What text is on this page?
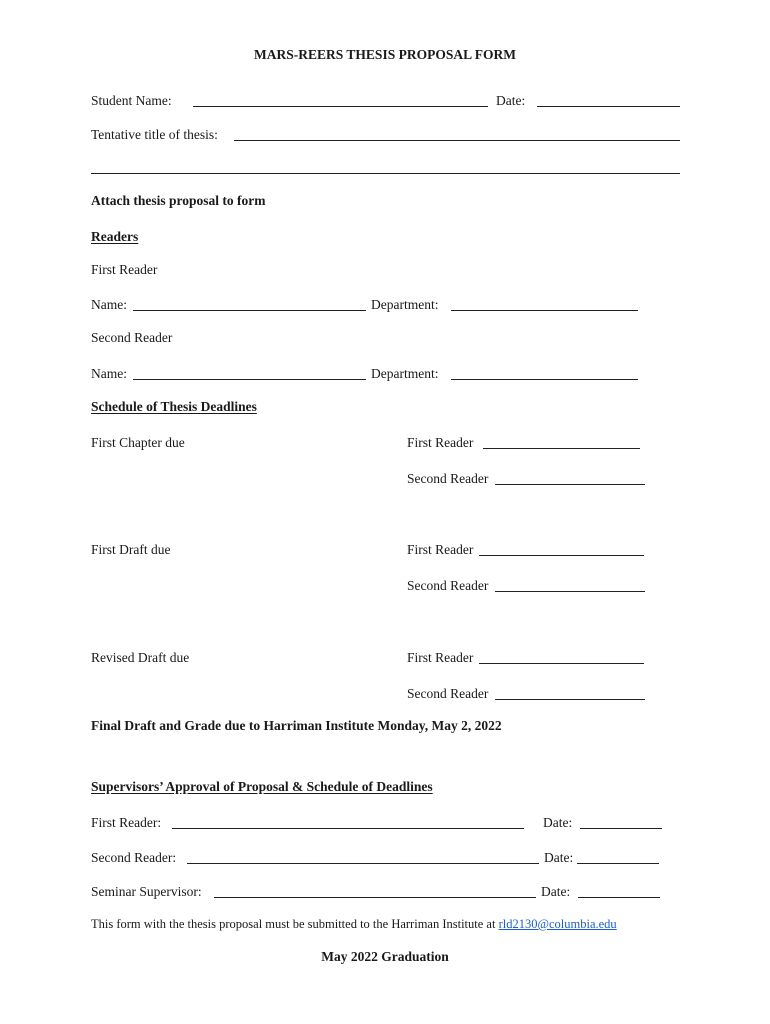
MARS-REERS THESIS PROPOSAL FORM
Student Name:	Date:
Tentative title of thesis:
Attach thesis proposal to form
Readers
First Reader
Name:	Department:
Second Reader
Name:	Department:
Schedule of Thesis Deadlines
First Chapter due	First Reader
Second Reader
First Draft due	First Reader
Second Reader
Revised Draft due	First Reader
Second Reader
Final Draft and Grade due to Harriman Institute Monday, May 2, 2022
Supervisors’ Approval of Proposal & Schedule of Deadlines
First Reader:	Date:
Second Reader:	Date:
Seminar Supervisor:	Date:
This form with the thesis proposal must be submitted to the Harriman Institute at rld2130@columbia.edu
May 2022 Graduation
